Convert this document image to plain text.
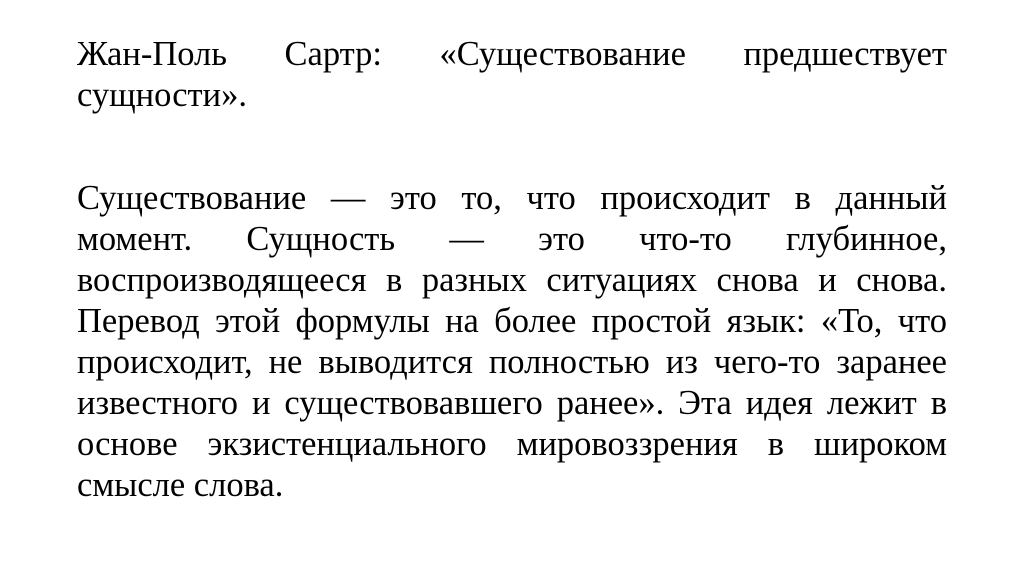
Жан-Поль Сартр: «Существование предшествует сущности».

Существование — это то, что происходит в данный момент. Сущность — это что-то глубинное, воспроизводящееся в разных ситуациях снова и снова. Перевод этой формулы на более простой язык: «То, что происходит, не выводится полностью из чего-то заранее известного и существовавшего ранее». Эта идея лежит в основе экзистенциального мировоззрения в широком смысле слова.
